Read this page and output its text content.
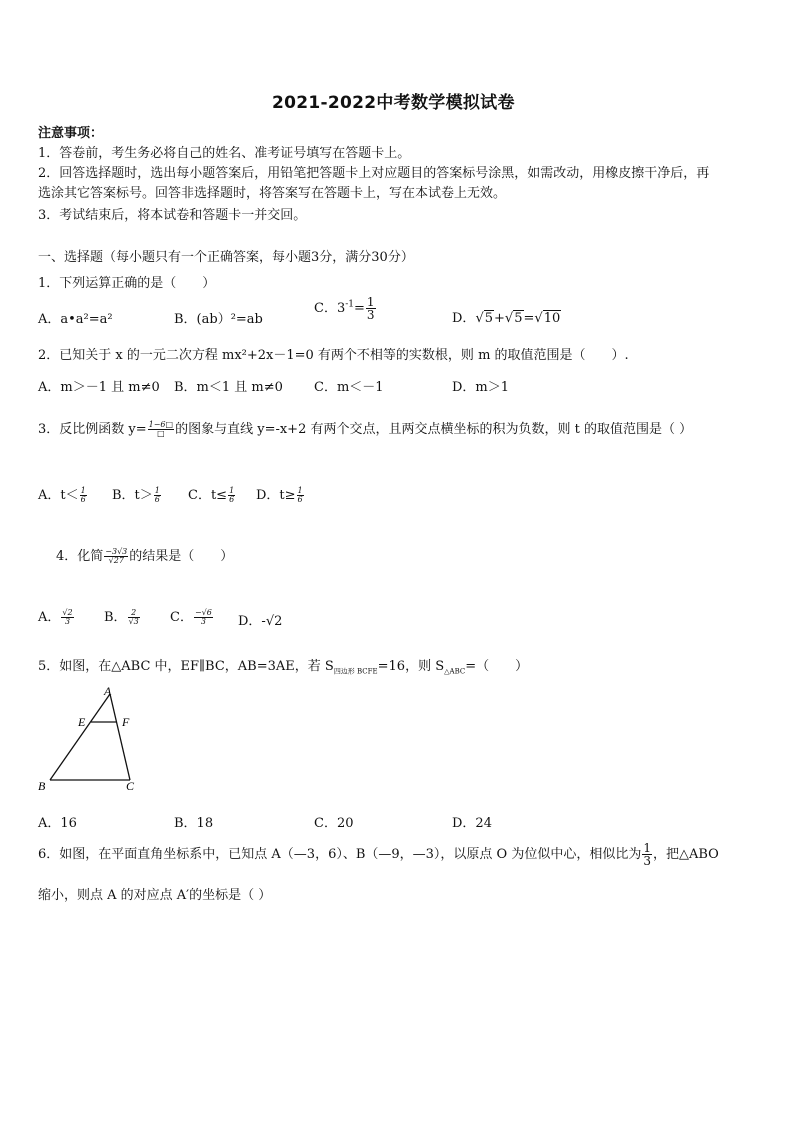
2021-2022中考数学模拟试卷
注意事项：
1．答卷前，考生务必将自己的姓名、准考证号填写在答题卡上。
2．回答选择题时，选出每小题答案后，用铅笔把答题卡上对应题目的答案标号涂黑，如需改动，用橡皮擦干净后，再
选涂其它答案标号。回答非选择题时，将答案写在答题卡上，写在本试卷上无效。
3．考试结束后，将本试卷和答题卡一并交回。
一、选择题（每小题只有一个正确答案，每小题3分，满分30分）
1．下列运算正确的是（　　）
A．a•a²=a²	B．(ab）²=ab
C．$3^{-1}= \frac{1}{3}$	D．√5+√5=√10
2．已知关于 x 的一元二次方程 mx²+2x－1=0 有两个不相等的实数根，则 m 的取值范围是（　　）.
A．m＞－1 且 m≠0 B．m＜1 且 m≠0 C．m＜－1	D．m＞1
3．反比例函数 $y= \frac{1-6□}{□}$ 的图象与直线 y=-x+2 有两个交点，且两交点横坐标的积为负数，则 t 的取值范围是（ ）
A．$t< \frac{1}{6}$ B．$t> \frac{1}{6}$ C．$t\le \frac{1}{6}$ D．$t\ge \frac{1}{6}$
4．化简 $\frac{-3√3}{√27}$ 的结果是（　　）
A． $\frac{√2}{3}$ B． $\frac{2}{√3}$ C． $\frac{-√6}{3}$ D．-√2
5．如图，在△ABC 中，EF∥BC，AB=3AE，若 $S_{四边形 BCFE}=16$，则 $S_{\triangle ABC}=$（　　）
A
E	F
B	C
A．16	B．18	C．20	D．24
6．如图，在平面直角坐标系中，已知点 A（—3，6）、B（—9，—3），以原点 O 为位似中心，相似比为 $\frac{1}{3}$ ，把△ABO
缩小，则点 A 的对应点 A′的坐标是（ ）
